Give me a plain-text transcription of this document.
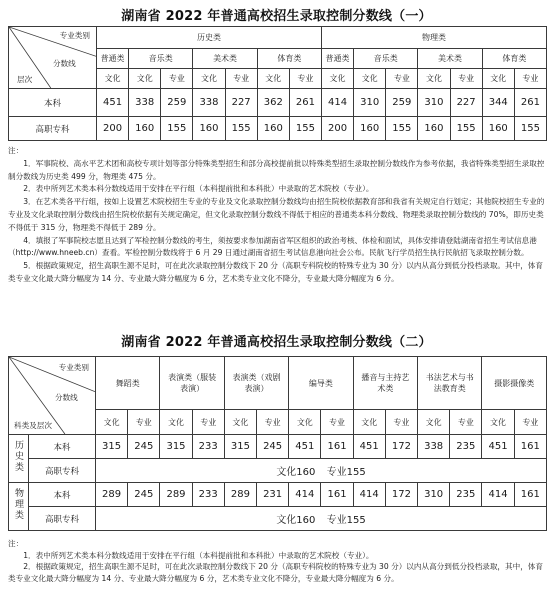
湖南省 2022 年普通高校招生录取控制分数线（一）
专业类别
分数线
层次	历史类							物理类						
	普通类	音乐类		美术类		体育类		普通类	音乐类		美术类		体育类	
	文化	文化	专业	文化	专业	文化	专业	文化	文化	专业	文化	专业	文化	专业
本科	451	338	259	338	227	362	261	414	310	259	310	227	344	261
高职专科	200	160	155	160	155	160	155	200	160	155	160	155	160	155

注：

1．军事院校、高水平艺术团和高校专项计划等部分特殊类型招生和部分高校提前批以特殊类型招生录取控制分数线作为参考依据，我省特殊类型招生录取控制分数线为历史类 499 分，物理类 475 分。

2．表中所列艺术类本科分数线适用于安排在平行组（本科提前批和本科批）中录取的艺术院校（专业）。

3．在艺术类各平行组，按如上设置艺术院校招生专业的专业及文化录取控制分数线均由招生院校依据教育部和我省有关规定自行划定；其他院校招生专业的专业及文化录取控制分数线由招生院校依据有关规定确定，但文化录取控制分数线不得低于相应的普通类本科分数线、物理类录取控制分数线的 70%，即历史类不得低于 315 分，物理类不得低于 289 分。

4．填报了军事院校志愿且达到了军检控制分数线的考生，须按要求参加湖南省军区组织的政治考核、体检和面试，具体安排请登陆湖南省招生考试信息港（http://www.hneeb.cn）查看。军检控制分数线将于 6 月 29 日通过湖南省招生考试信息港向社会公布。民航飞行学员招生执行民航招飞录取控制分数。

5．根据政策规定，招生高职生源不足时，可在此次录取控制分数线下 20 分（高职专科院校的特殊专业为 30 分）以内从高分到低分投档录取。其中，体育类专业文化最大降分幅度为 14 分、专业最大降分幅度为 6 分，艺术类专业文化不降分，专业最大降分幅度为 6 分。

湖南省 2022 年普通高校招生录取控制分数线（二）
专业类别
分数线
科类及层次		舞蹈类		表演类（服装表演）		表演类（戏剧表演）		编导类		播音与主持艺术类		书法艺术与书法教育类		摄影摄像类	
		文化	专业	文化	专业	文化	专业	文化	专业	文化	专业	文化	专业	文化	专业
历史类	本科	315	245	315	233	315	245	451	161	451	172	338	235	451	161
	高职专科	文化160 专业155													
物理类	本科	289	245	289	233	289	231	414	161	414	172	310	235	414	161
	高职专科	文化160 专业155													

注：

1．表中所列艺术类本科分数线适用于安排在平行组（本科提前批和本科批）中录取的艺术院校（专业）。

2．根据政策规定，招生高职生源不足时，可在此次录取控制分数线下 20 分（高职专科院校的特殊专业为 30 分）以内从高分到低分投档录取，其中，体育类专业文化最大降分幅度为 14 分、专业最大降分幅度为 6 分，艺术类专业文化不降分，专业最大降分幅度为 6 分。
